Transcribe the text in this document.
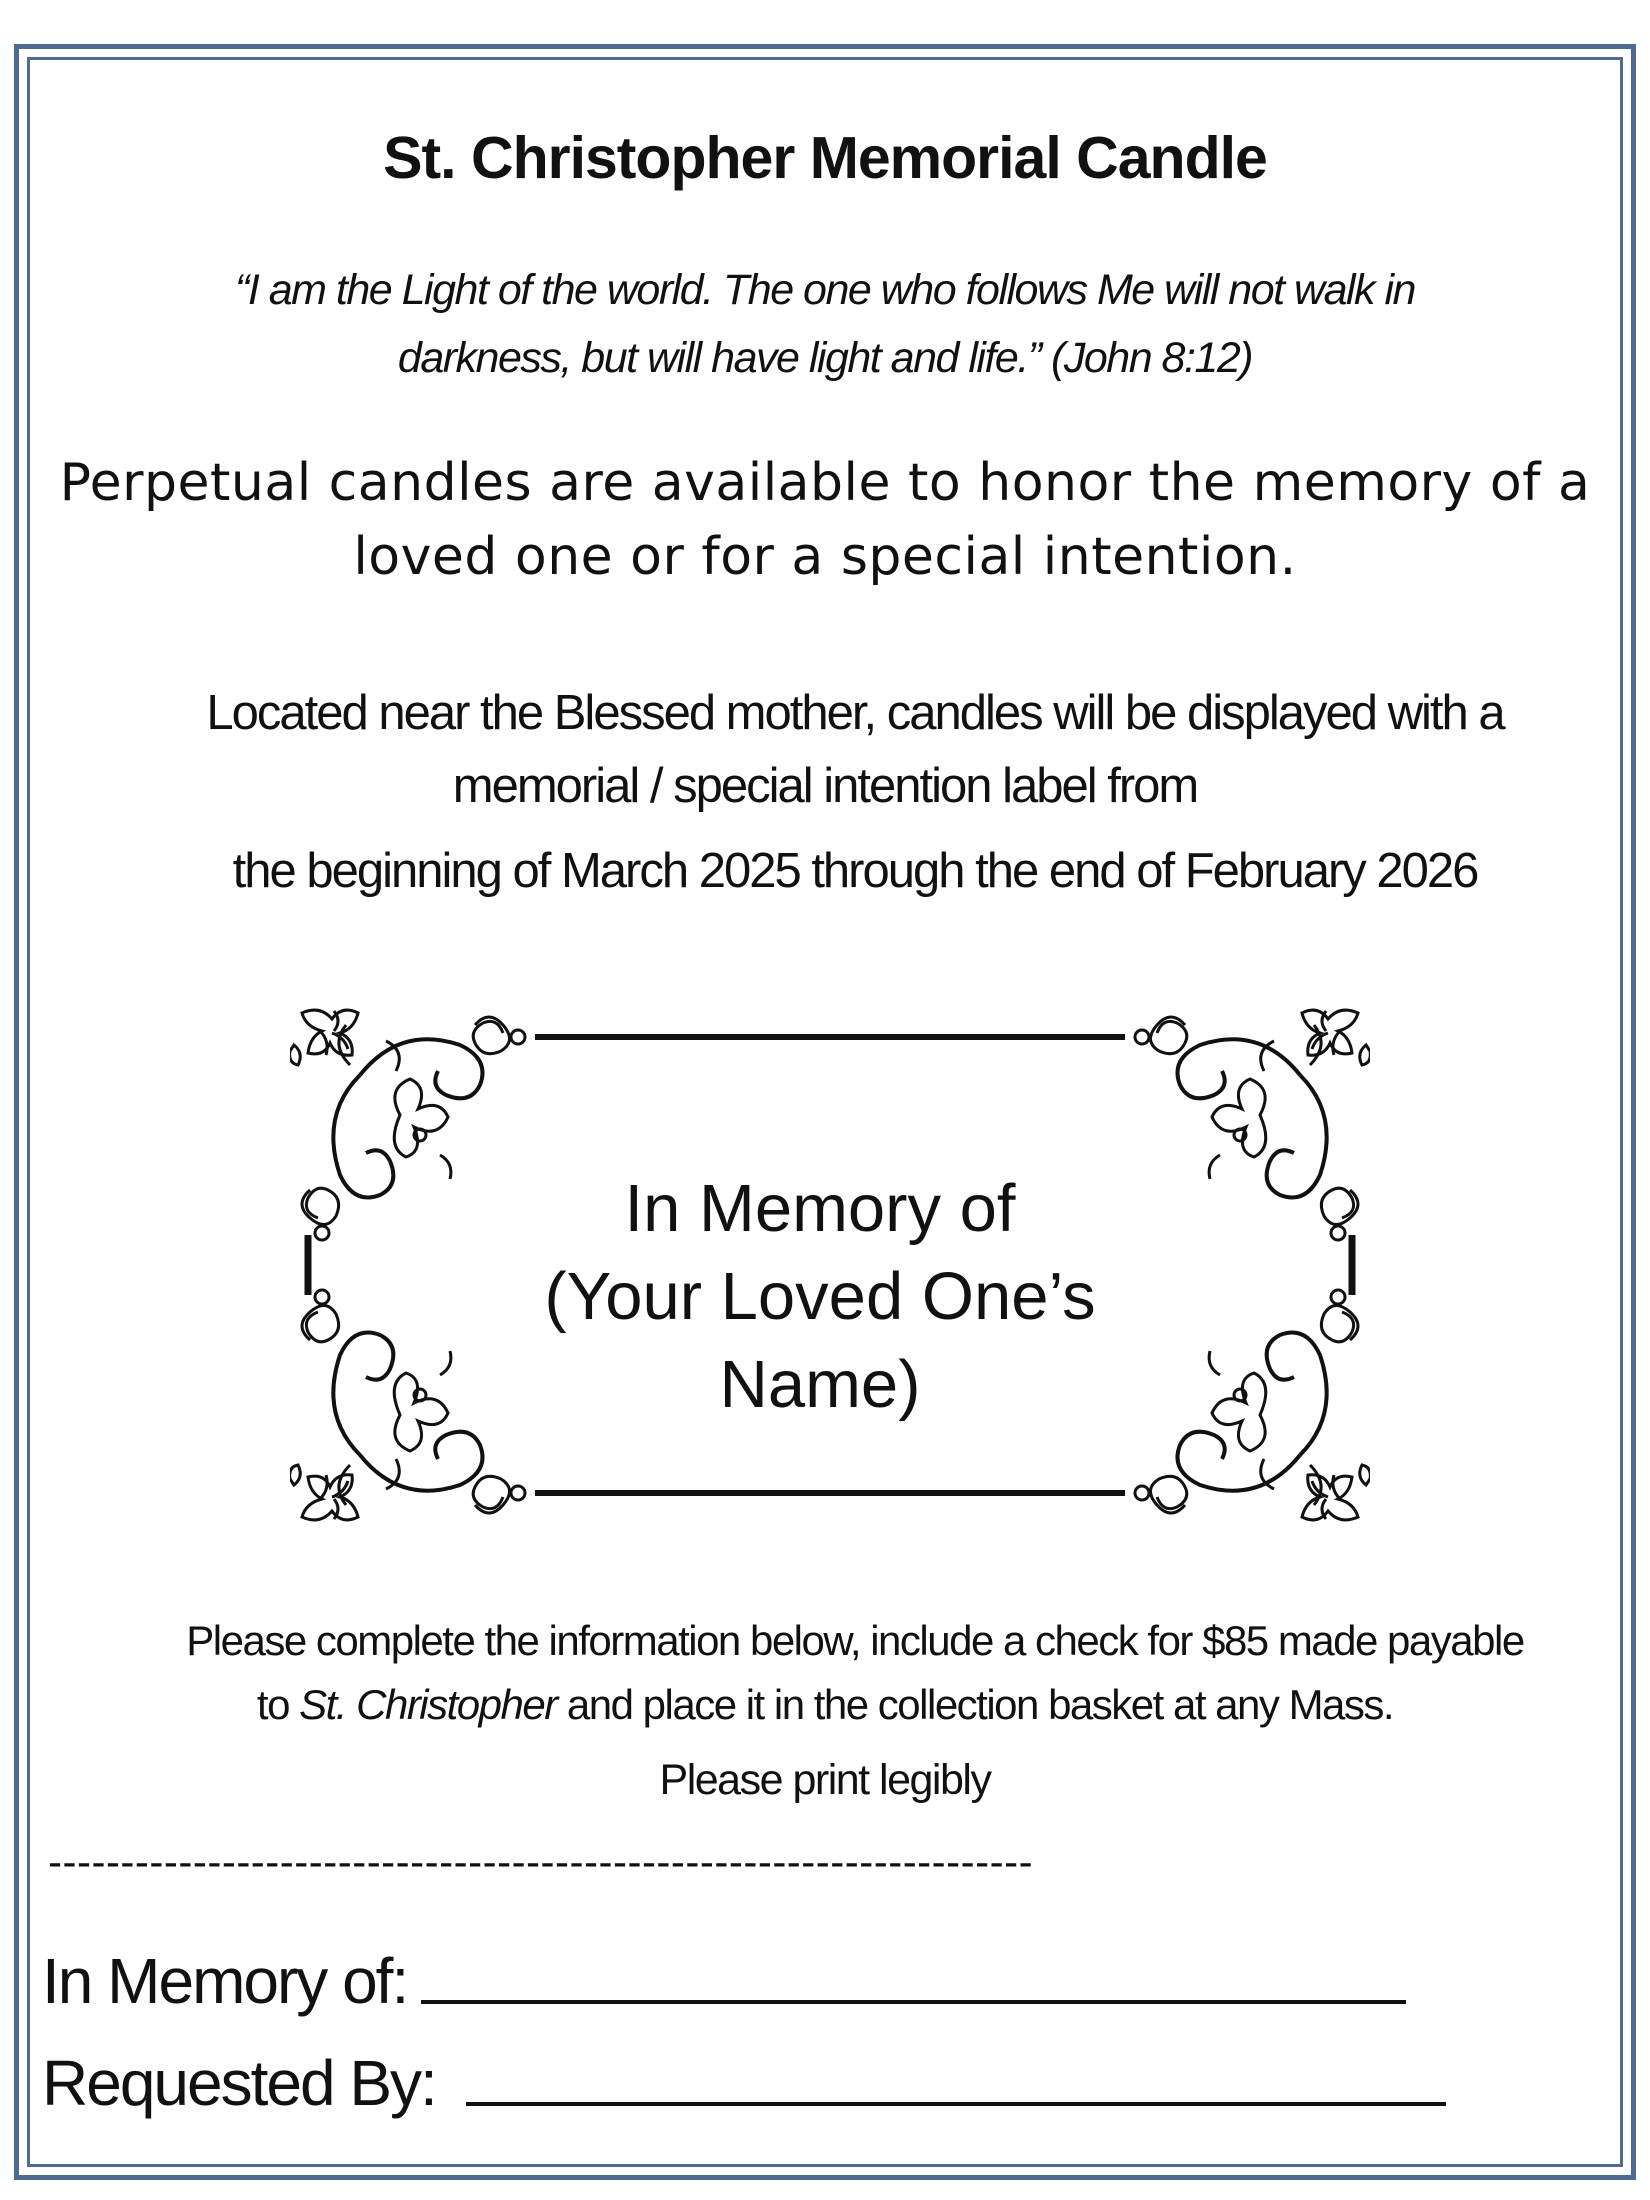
St. Christopher Memorial Candle
“I am the Light of the world. The one who follows Me will not walk in
darkness, but will have light and life.” (John 8:12)
Perpetual candles are available to honor the memory of a
loved one or for a special intention.
Located near the Blessed mother, candles will be displayed with a
memorial / special intention label from
the beginning of March 2025 through the end of February 2026
In Memory of
(Your Loved One’s
Name)
Please complete the information below, include a check for $85 made payable
to St. Christopher and place it in the collection basket at any Mass.
Please print legibly
--------------------------------------------------------------------
In Memory of:
Requested By:
